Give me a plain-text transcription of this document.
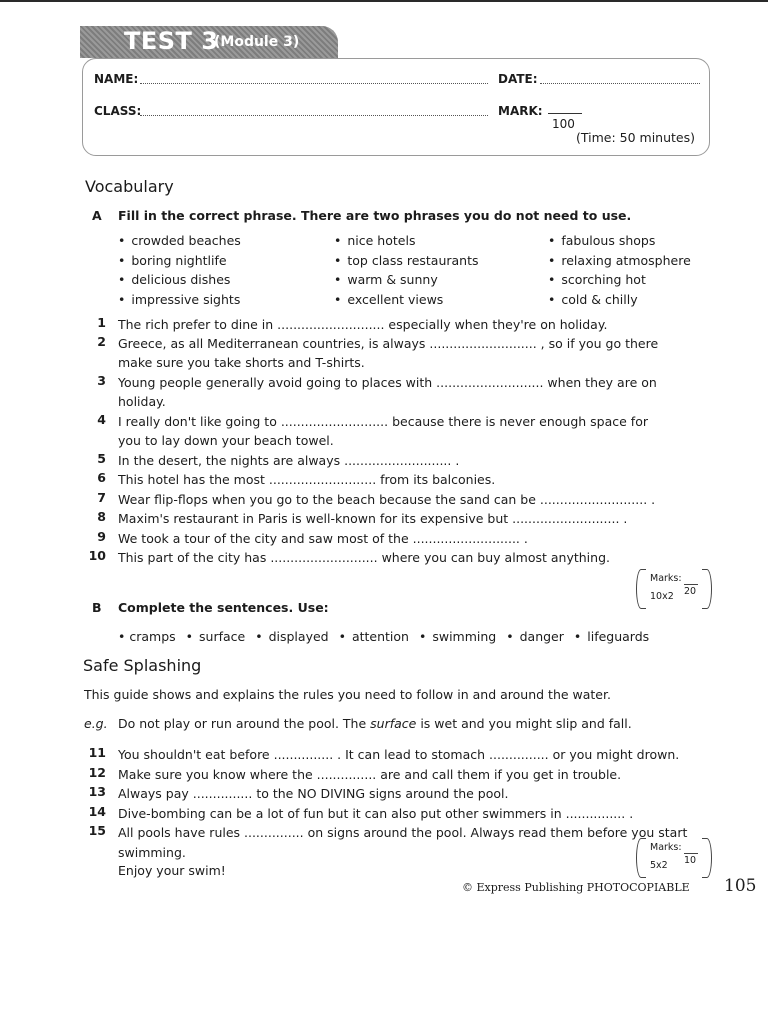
TEST 3
(Module 3)
NAME:	DATE:
CLASS:	MARK:
100
(Time: 50 minutes)
Vocabulary
A Fill in the correct phrase. There are two phrases you do not need to use.
• crowded beaches
• boring nightlife
• delicious dishes
• impressive sights
• nice hotels
• top class restaurants
• warm & sunny
• excellent views
• fabulous shops
• relaxing atmosphere
• scorching hot
• cold & chilly
1 The rich prefer to dine in ........................... especially when they're on holiday.
2 Greece, as all Mediterranean countries, is always ........................... , so if you go there
make sure you take shorts and T-shirts.
3 Young people generally avoid going to places with ........................... when they are on
holiday.
4 I really don't like going to ........................... because there is never enough space for
you to lay down your beach towel.
5 In the desert, the nights are always ........................... .
6 This hotel has the most ........................... from its balconies.
7 Wear flip-flops when you go to the beach because the sand can be ........................... .
8 Maxim's restaurant in Paris is well-known for its expensive but ........................... .
9 We took a tour of the city and saw most of the ........................... .
10 This part of the city has ........................... where you can buy almost anything.
Marks:
10x2 20
B Complete the sentences. Use:
• cramps • surface • displayed • attention • swimming • danger • lifeguards
Safe Splashing
This guide shows and explains the rules you need to follow in and around the water.
e.g. Do not play or run around the pool. The surface is wet and you might slip and fall.
11 You shouldn't eat before ............... . It can lead to stomach ............... or you might drown.
12 Make sure you know where the ............... are and call them if you get in trouble.
13 Always pay ............... to the NO DIVING signs around the pool.
14 Dive-bombing can be a lot of fun but it can also put other swimmers in ............... .
15 All pools have rules ............... on signs around the pool. Always read them before you start
swimming.
Enjoy your swim!
Marks:
5x2 10
© Express Publishing PHOTOCOPIABLE 105
